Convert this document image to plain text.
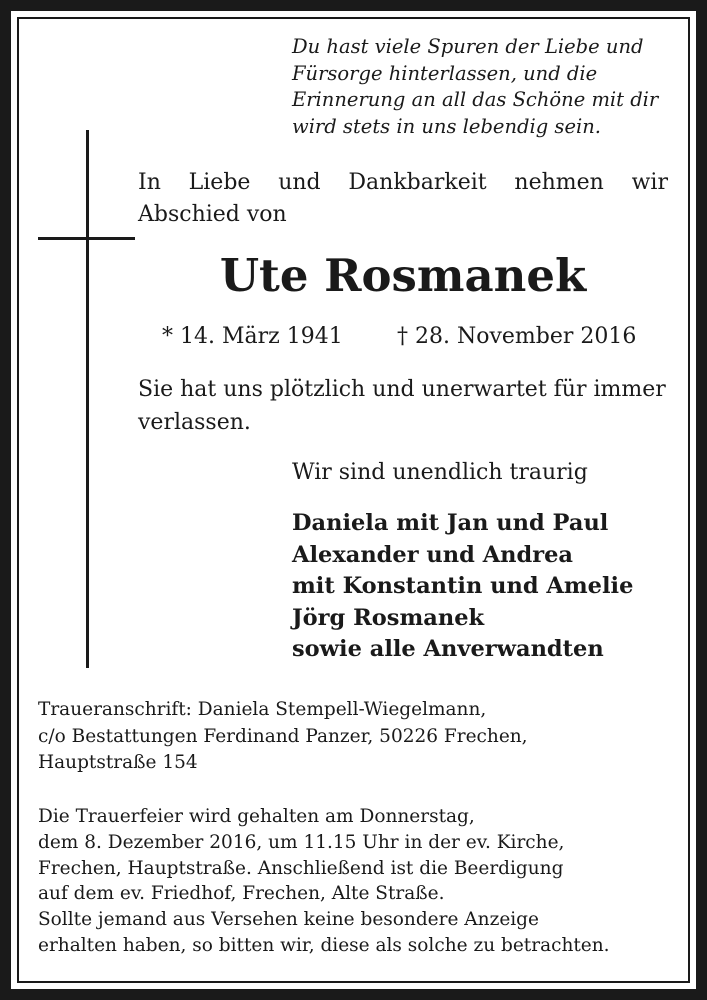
Du hast viele Spuren der Liebe und
Fürsorge hinterlassen, und die
Erinnerung an all das Schöne mit dir
wird stets in uns lebendig sein.
In Liebe und Dankbarkeit nehmen wir
Abschied von
Ute Rosmanek
* 14. März 1941 † 28. November 2016
Sie hat uns plötzlich und unerwartet für immer
verlassen.
Wir sind unendlich traurig
Daniela mit Jan und Paul
Alexander und Andrea
mit Konstantin und Amelie
Jörg Rosmanek
sowie alle Anverwandten
Traueranschrift: Daniela Stempell-Wiegelmann,
c/o Bestattungen Ferdinand Panzer, 50226 Frechen,
Hauptstraße 154
Die Trauerfeier wird gehalten am Donnerstag,
dem 8. Dezember 2016, um 11.15 Uhr in der ev. Kirche,
Frechen, Hauptstraße. Anschließend ist die Beerdigung
auf dem ev. Friedhof, Frechen, Alte Straße.
Sollte jemand aus Versehen keine besondere Anzeige
erhalten haben, so bitten wir, diese als solche zu betrachten.
